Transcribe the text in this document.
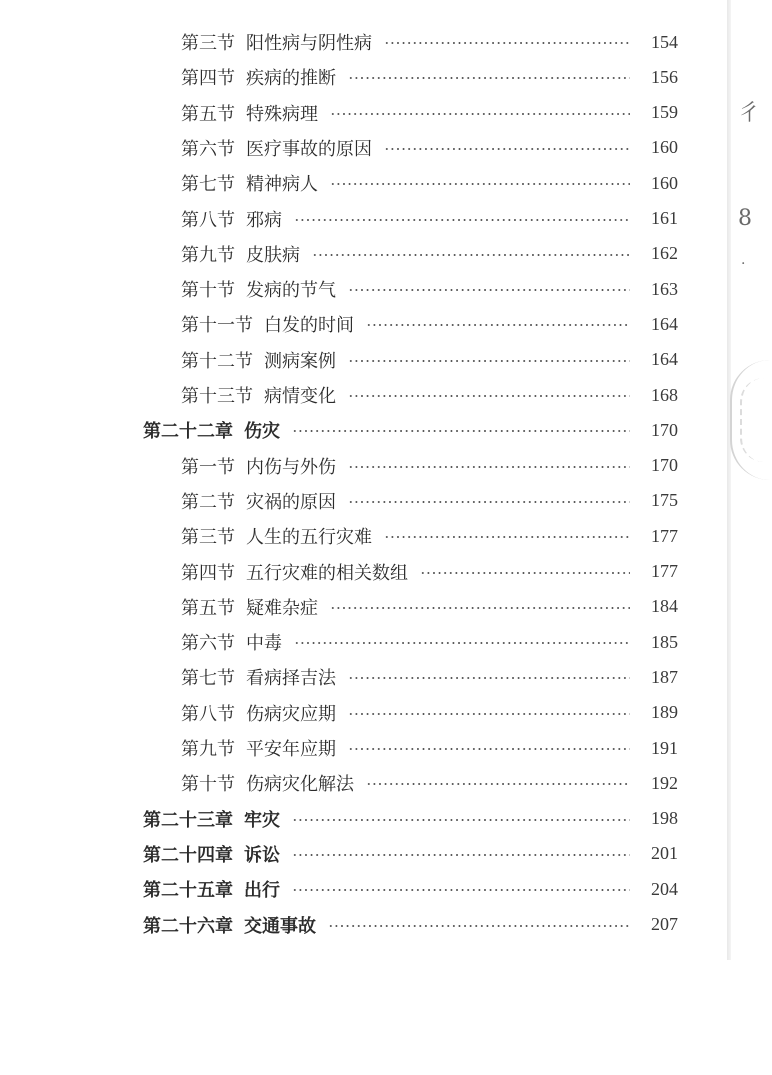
第三节 阳性病与阴性病	154
第四节 疾病的推断	156
第五节 特殊病理	159
第六节 医疗事故的原因	160
第七节 精神病人	160
第八节 邪病	161
第九节 皮肤病	162
第十节 发病的节气	163
第十一节 白发的时间	164
第十二节 测病案例	164
第十三节 病情变化	168
第二十二章 伤灾	170
第一节 内伤与外伤	170
第二节 灾祸的原因	175
第三节 人生的五行灾难	177
第四节 五行灾难的相关数组	177
第五节 疑难杂症	184
第六节 中毒	185
第七节 看病择吉法	187
第八节 伤病灾应期	189
第九节 平安年应期	191
第十节 伤病灾化解法	192
第二十三章 牢灾	198
第二十四章 诉讼	201
第二十五章 出行	204
第二十六章 交通事故	207
彳
8
·
